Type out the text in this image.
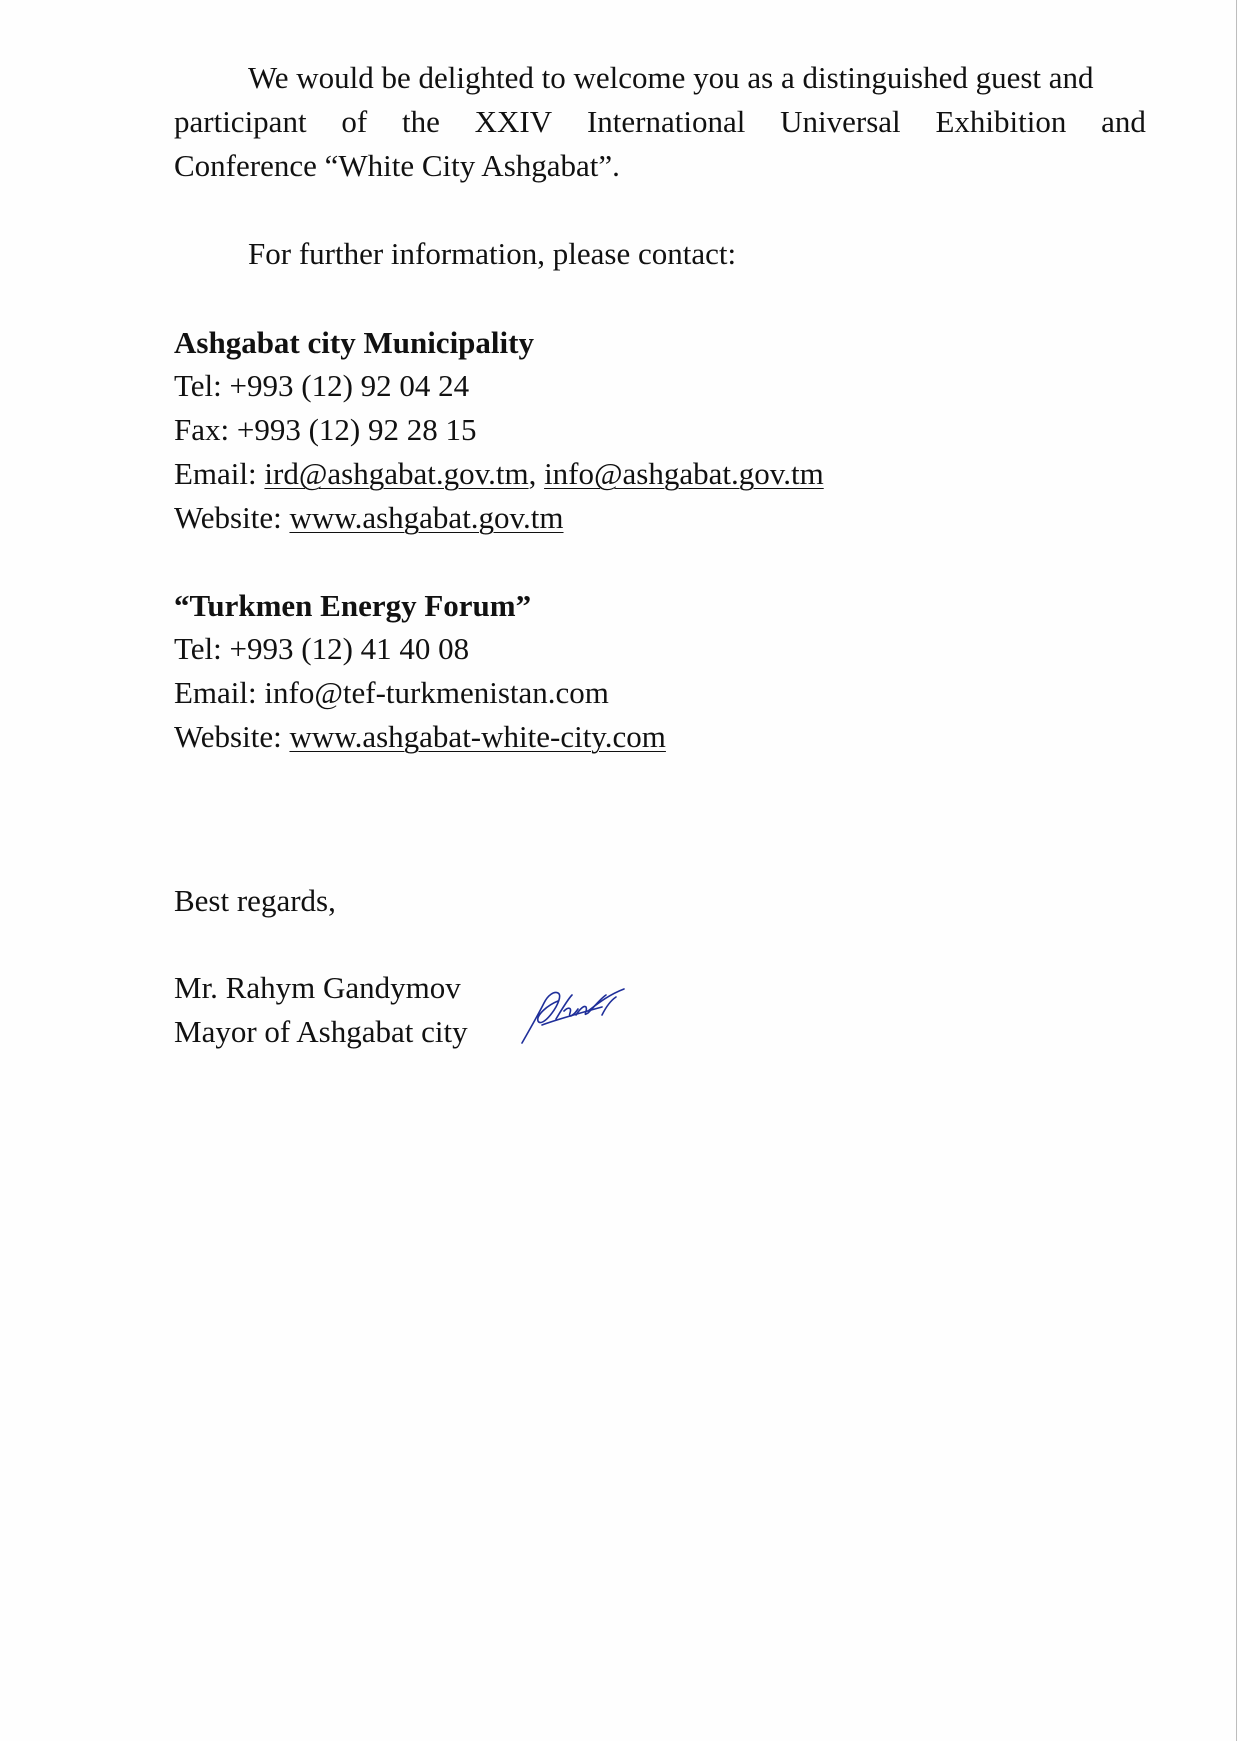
We would be delighted to welcome you as a distinguished guest and
participant of the XXIV International Universal Exhibition and
Conference “White City Ashgabat”.
For further information, please contact:
Ashgabat city Municipality
Tel: +993 (12) 92 04 24
Fax: +993 (12) 92 28 15
Email: ird@ashgabat.gov.tm, info@ashgabat.gov.tm
Website: www.ashgabat.gov.tm
“Turkmen Energy Forum”
Tel: +993 (12) 41 40 08
Email: info@tef-turkmenistan.com
Website: www.ashgabat-white-city.com
Best regards,
Mr. Rahym Gandymov
Mayor of Ashgabat city
